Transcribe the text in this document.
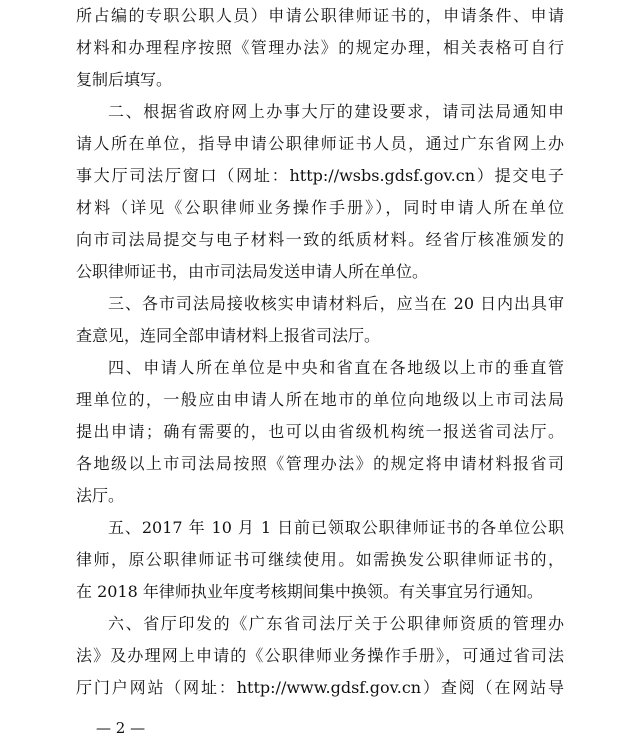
所占编的专职公职人员）申请公职律师证书的，申请条件、申请
材料和办理程序按照《管理办法》的规定办理，相关表格可自行
复制后填写。
二、根据省政府网上办事大厅的建设要求，请司法局通知申
请人所在单位，指导申请公职律师证书人员，通过广东省网上办
事大厅司法厅窗口（网址：http://wsbs.gdsf.gov.cn）提交电子
材料（详见《公职律师业务操作手册》），同时申请人所在单位
向市司法局提交与电子材料一致的纸质材料。经省厅核准颁发的
公职律师证书，由市司法局发送申请人所在单位。
三、各市司法局接收核实申请材料后，应当在 20 日内出具审
查意见，连同全部申请材料上报省司法厅。
四、申请人所在单位是中央和省直在各地级以上市的垂直管
理单位的，一般应由申请人所在地市的单位向地级以上市司法局
提出申请；确有需要的，也可以由省级机构统一报送省司法厅。
各地级以上市司法局按照《管理办法》的规定将申请材料报省司
法厅。
五、2017 年 10 月 1 日前已领取公职律师证书的各单位公职
律师，原公职律师证书可继续使用。如需换发公职律师证书的，
在 2018 年律师执业年度考核期间集中换领。有关事宜另行通知。
六、省厅印发的《广东省司法厅关于公职律师资质的管理办
法》及办理网上申请的《公职律师业务操作手册》，可通过省司法
厅门户网站（网址：http://www.gdsf.gov.cn）查阅（在网站导
— 2 —
